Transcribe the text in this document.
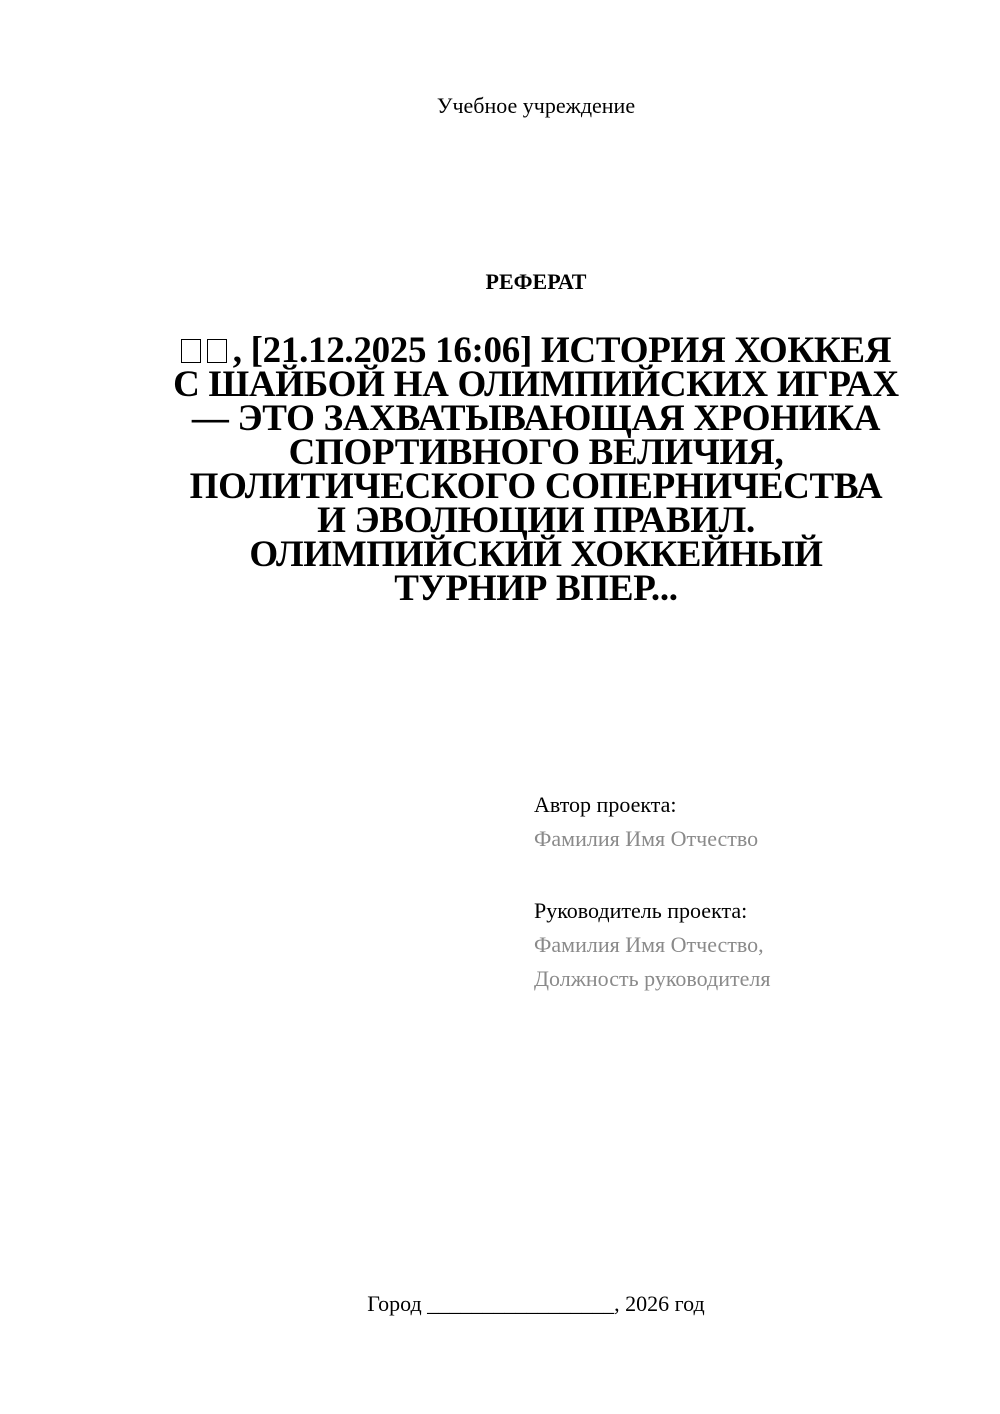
Учебное учреждение
РЕФЕРАТ
, [21.12.2025 16:06] ИСТОРИЯ ХОККЕЯ
С ШАЙБОЙ НА ОЛИМПИЙСКИХ ИГРАХ
— ЭТО ЗАХВАТЫВАЮЩАЯ ХРОНИКА
СПОРТИВНОГО ВЕЛИЧИЯ,
ПОЛИТИЧЕСКОГО СОПЕРНИЧЕСТВА
И ЭВОЛЮЦИИ ПРАВИЛ.
ОЛИМПИЙСКИЙ ХОККЕЙНЫЙ
ТУРНИР ВПЕР...
Автор проекта:
Фамилия Имя Отчество
Руководитель проекта:
Фамилия Имя Отчество,
Должность руководителя
Город _________________, 2026 год
